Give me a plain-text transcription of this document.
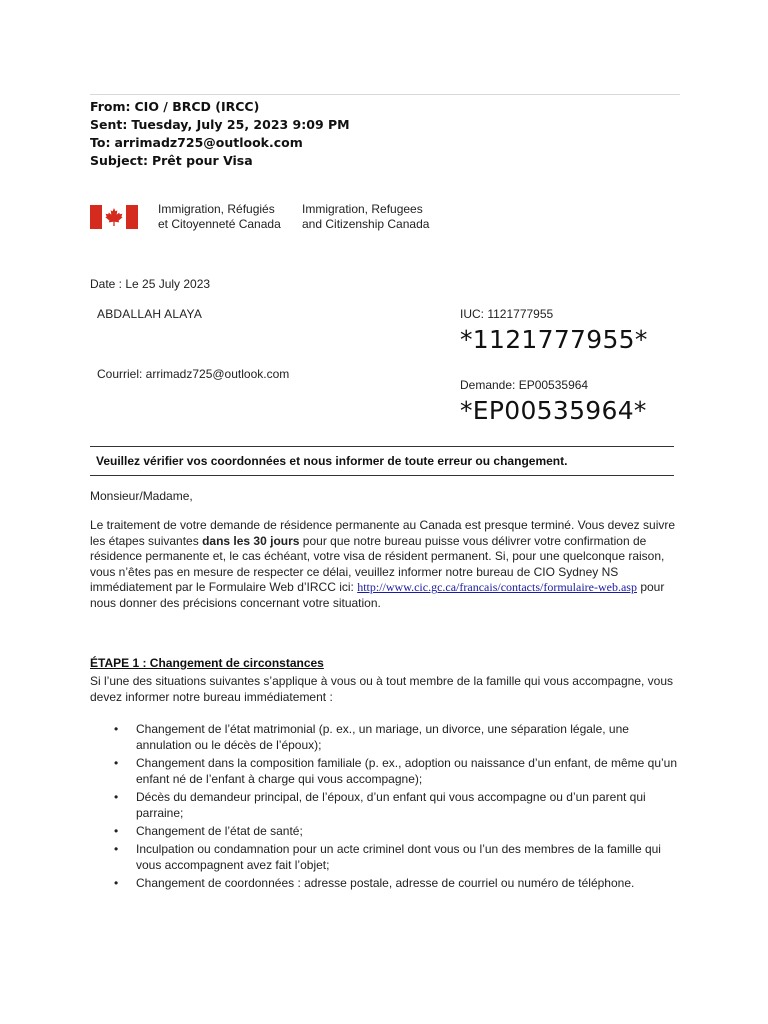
From: CIO / BRCD (IRCC)
Sent: Tuesday, July 25, 2023 9:09 PM
To: arrimadz725@outlook.com
Subject: Prêt pour Visa
Immigration, Réfugiés
et Citoyenneté Canada
Immigration, Refugees
and Citizenship Canada
Date : Le 25 July 2023
ABDALLAH ALAYA	IUC: 1121777955
*1121777955*
Courriel: arrimadz725@outlook.com
Demande: EP00535964
*EP00535964*
Veuillez vérifier vos coordonnées et nous informer de toute erreur ou changement.
Monsieur/Madame,
Le traitement de votre demande de résidence permanente au Canada est presque terminé. Vous devez suivre les étapes suivantes dans les 30 jours pour que notre bureau puisse vous délivrer votre confirmation de résidence permanente et, le cas échéant, votre visa de résident permanent. Si, pour une quelconque raison, vous n’êtes pas en mesure de respecter ce délai, veuillez informer notre bureau de CIO Sydney NS immédiatement par le Formulaire Web d’IRCC ici: http://www.cic.gc.ca/francais/contacts/formulaire-web.asp pour nous donner des précisions concernant votre situation.
ÉTAPE 1 : Changement de circonstances
Si l’une des situations suivantes s’applique à vous ou à tout membre de la famille qui vous accompagne, vous devez informer notre bureau immédiatement :
• Changement de l’état matrimonial (p. ex., un mariage, un divorce, une séparation légale, une annulation ou le décès de l’époux);
• Changement dans la composition familiale (p. ex., adoption ou naissance d’un enfant, de même qu’un enfant né de l’enfant à charge qui vous accompagne);
• Décès du demandeur principal, de l’époux, d’un enfant qui vous accompagne ou d’un parent qui parraine;
• Changement de l’état de santé;
• Inculpation ou condamnation pour un acte criminel dont vous ou l’un des membres de la famille qui vous accompagnent avez fait l’objet;
• Changement de coordonnées : adresse postale, adresse de courriel ou numéro de téléphone.
